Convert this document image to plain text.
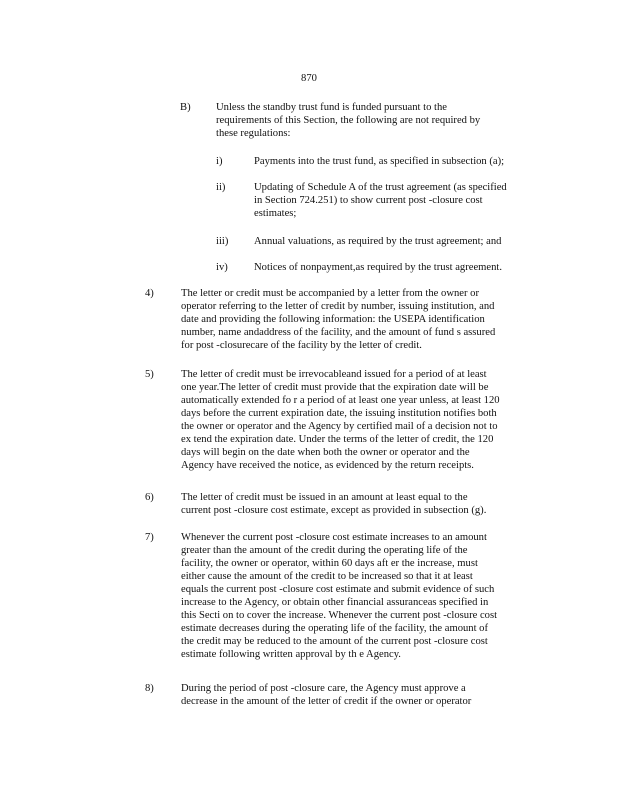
870
B) Unless the standby trust fund is funded pursuant to the
requirements of this Section, the following are not required by
these regulations:
i)	Payments into the trust fund, as specified in subsection (a);
ii)	Updating of Schedule A of the trust agreement (as specified
in Section 724.251) to show current post -closure cost
estimates;
iii) Annual valuations, as required by the trust agreement; and
iv) Notices of nonpayment,as required by the trust agreement.
4)	The letter or credit must be accompanied by a letter from the owner or
operator referring to the letter of credit by number, issuing institution, and
date and providing the following information: the USEPA identification
number, name andaddress of the facility, and the amount of fund s assured
for post -closurecare of the facility by the letter of credit.
5)	The letter of credit must be irrevocableand issued for a period of at least
one year.The letter of credit must provide that the expiration date will be
automatically extended fo r a period of at least one year unless, at least 120
days before the current expiration date, the issuing institution notifies both
the owner or operator and the Agency by certified mail of a decision not to
ex tend the expiration date. Under the terms of the letter of credit, the 120
days will begin on the date when both the owner or operator and the
Agency have received the notice, as evidenced by the return receipts.
6)	The letter of credit must be issued in an amount at least equal to the
current post -closure cost estimate, except as provided in subsection (g).
7)	Whenever the current post -closure cost estimate increases to an amount
greater than the amount of the credit during the operating life of the
facility, the owner or operator, within 60 days aft er the increase, must
either cause the amount of the credit to be increased so that it at least
equals the current post -closure cost estimate and submit evidence of such
increase to the Agency, or obtain other financial assuranceas specified in
this Secti on to cover the increase. Whenever the current post -closure cost
estimate decreases during the operating life of the facility, the amount of
the credit may be reduced to the amount of the current post -closure cost
estimate following written approval by th e Agency.
8)	During the period of post -closure care, the Agency must approve a
decrease in the amount of the letter of credit if the owner or operator
